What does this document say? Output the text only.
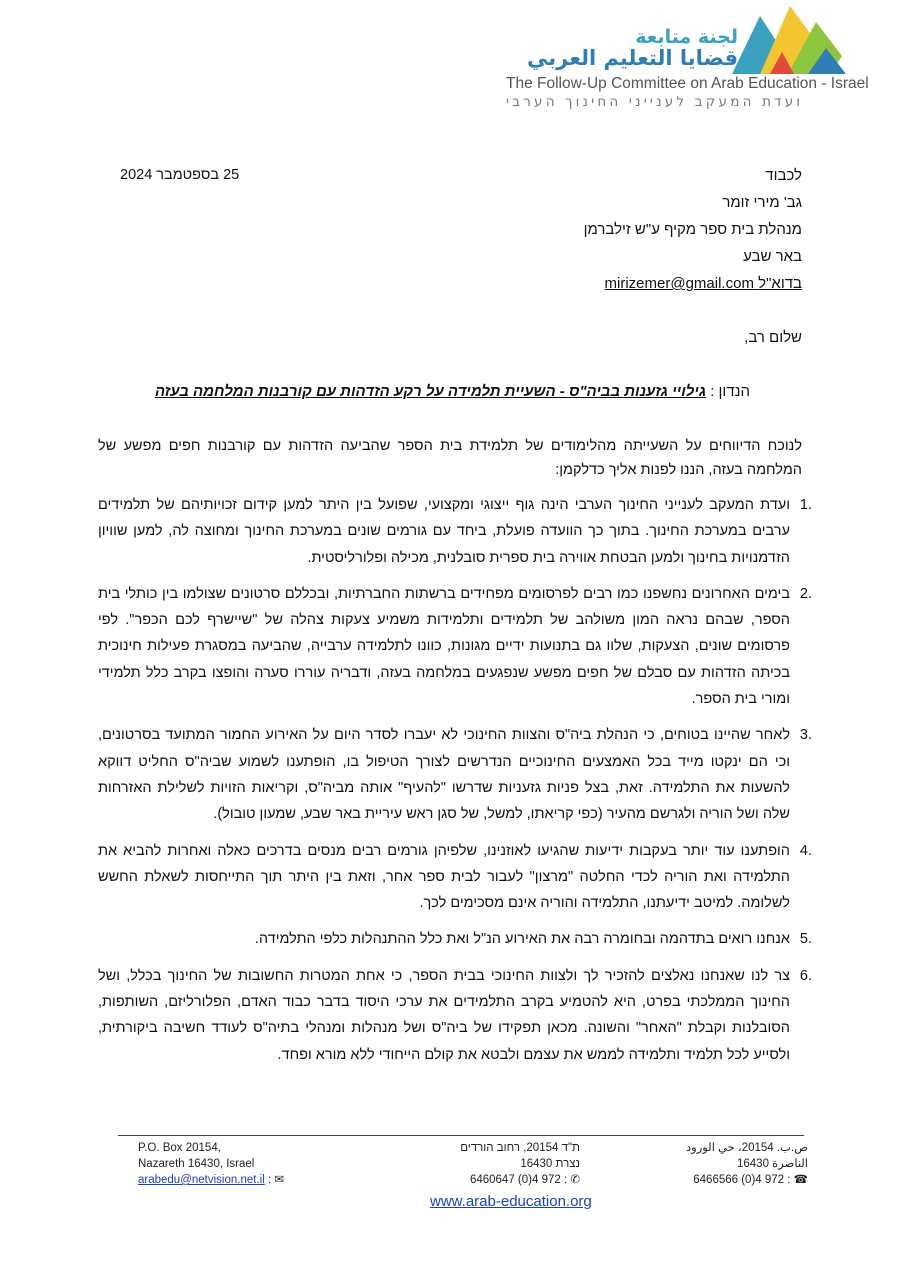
لجنة متابعة
قضايا التعليم العربي
The Follow-Up Committee on Arab Education - Israel
ועדת המעקב לענייני החינוך הערבי
25 בספטמבר 2024	לכבוד
גב' מירי זומר
מנהלת בית ספר מקיף ע"ש זילברמן
באר שבע
בדוא"ל mirizemer@gmail.com
שלום רב,
הנדון : גילויי גזענות בביה"ס - השעיית תלמידה על רקע הזדהות עם קורבנות המלחמה בעזה
לנוכח הדיווחים על השעייתה מהלימודים של תלמידת בית הספר שהביעה הזדהות עם קורבנות חפים מפשע של המלחמה בעזה, הננו לפנות אליך כדלקמן:
1.
ועדת המעקב לענייני החינוך הערבי הינה גוף ייצוגי ומקצועי, שפועל בין היתר למען קידום זכויותיהם של תלמידים ערבים במערכת החינוך. בתוך כך הוועדה פועלת, ביחד עם גורמים שונים במערכת החינוך ומחוצה לה, למען שוויון הזדמנויות בחינוך ולמען הבטחת אווירה בית ספרית סובלנית, מכילה ופלורליסטית.
2.
בימים האחרונים נחשפנו כמו רבים לפרסומים מפחידים ברשתות החברתיות, ובכללם סרטונים שצולמו בין כותלי בית הספר, שבהם נראה המון משולהב של תלמידים ותלמידות משמיע צעקות צהלה של "שיישרף לכם הכפר". לפי פרסומים שונים, הצעקות, שלוו גם בתנועות ידיים מגונות, כוונו לתלמידה ערבייה, שהביעה במסגרת פעילות חינוכית בכיתה הזדהות עם סבלם של חפים מפשע שנפגעים במלחמה בעזה, ודבריה עוררו סערה והופצו בקרב כלל תלמידי ומורי בית הספר.
3.
לאחר שהיינו בטוחים, כי הנהלת ביה"ס והצוות החינוכי לא יעברו לסדר היום על האירוע החמור המתועד בסרטונים, וכי הם ינקטו מייד בכל האמצעים החינוכיים הנדרשים לצורך הטיפול בו, הופתענו לשמוע שביה"ס החליט דווקא להשעות את התלמידה. זאת, בצל פניות גזעניות שדרשו "להעיף" אותה מביה"ס, וקריאות הזויות לשלילת האזרחות שלה ושל הוריה ולגרשם מהעיר (כפי קריאתו, למשל, של סגן ראש עיריית באר שבע, שמעון טובול).
4.
הופתענו עוד יותר בעקבות ידיעות שהגיעו לאוזנינו, שלפיהן גורמים רבים מנסים בדרכים כאלה ואחרות להביא את התלמידה ואת הוריה לכדי החלטה "מרצון" לעבור לבית ספר אחר, וזאת בין היתר תוך התייחסות לשאלת החשש לשלומה. למיטב ידיעתנו, התלמידה והוריה אינם מסכימים לכך.
5.
אנחנו רואים בתדהמה ובחומרה רבה את האירוע הנ"ל ואת כלל ההתנהלות כלפי התלמידה.
6.
צר לנו שאנחנו נאלצים להזכיר לך ולצוות החינוכי בבית הספר, כי אחת המטרות החשובות של החינוך בכלל, ושל החינוך הממלכתי בפרט, היא להטמיע בקרב התלמידים את ערכי היסוד בדבר כבוד האדם, הפלורליזם, השותפות, הסובלנות וקבלת "האחר" והשונה. מכאן תפקידו של ביה"ס ושל מנהלות ומנהלי בתיה"ס לעודד חשיבה ביקורתית, ולסייע לכל תלמיד ותלמידה לממש את עצמם ולבטא את קולם הייחודי ללא מורא ופחד.
P.O. Box 20154,
Nazareth 16430, Israel
arabedu@netvision.net.il : ✉
ת"ד 20154, רחוב הורדים
נצרת 16430
✆ 6460647 (0)4 972 :
ص.ب. 20154، حي الورود
الناصرة 16430
☎ 6466566 (0)4 972 :
www.arab-education.org
